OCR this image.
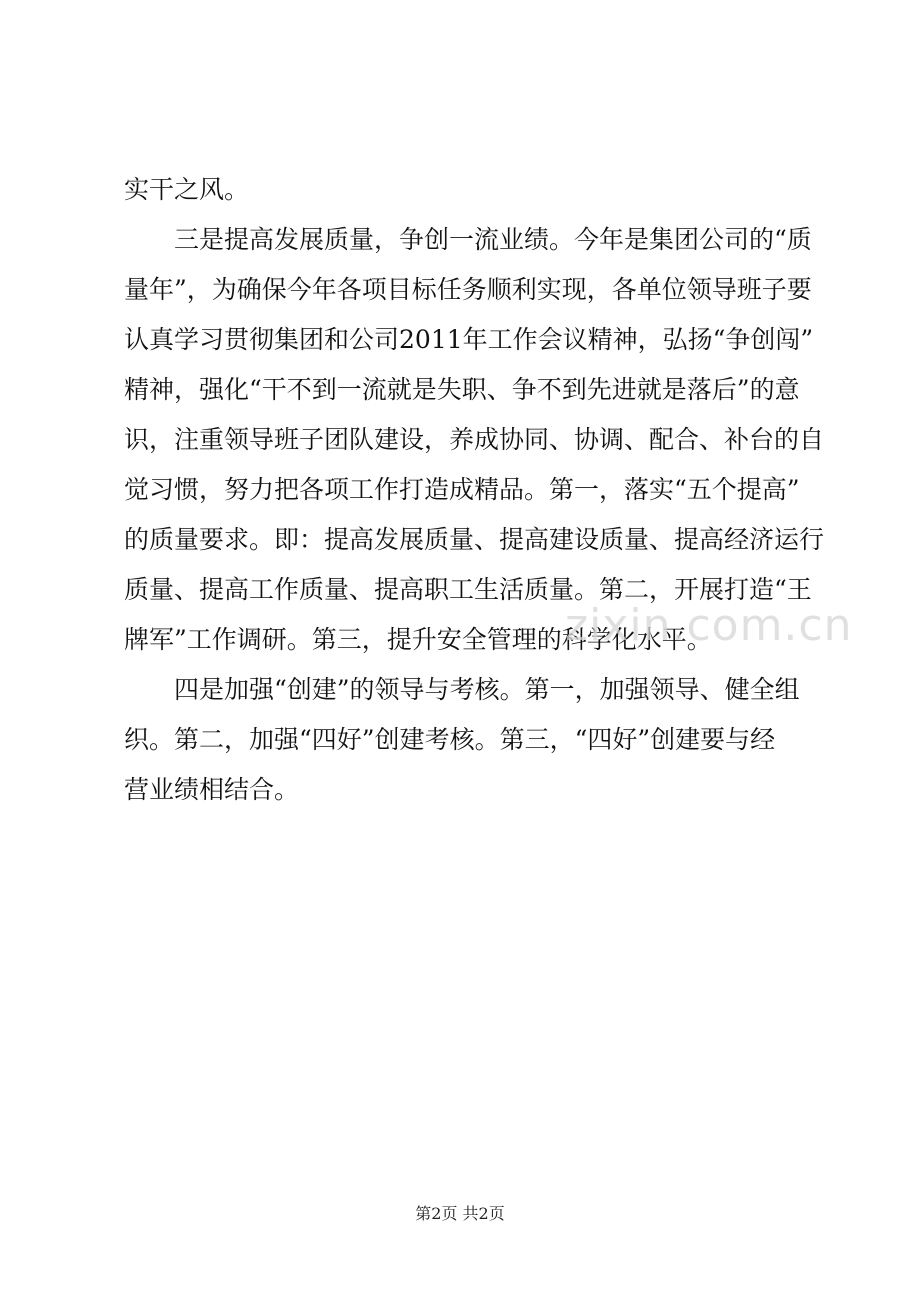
实干之风。
　　三是提高发展质量，争创一流业绩。今年是集团公司的“质
量年”，为确保今年各项目标任务顺利实现，各单位领导班子要
认真学习贯彻集团和公司2011年工作会议精神，弘扬“争创闯”
精神，强化“干不到一流就是失职、争不到先进就是落后”的意
识，注重领导班子团队建设，养成协同、协调、配合、补台的自
觉习惯，努力把各项工作打造成精品。第一，落实“五个提高”
的质量要求。即：提高发展质量、提高建设质量、提高经济运行
质量、提高工作质量、提高职工生活质量。第二，开展打造“王
牌军”工作调研。第三，提升安全管理的科学化水平。
　　四是加强“创建”的领导与考核。第一，加强领导、健全组
织。第二，加强“四好”创建考核。第三，“四好”创建要与经
营业绩相结合。
zixin.com.cn
第2页 共2页
